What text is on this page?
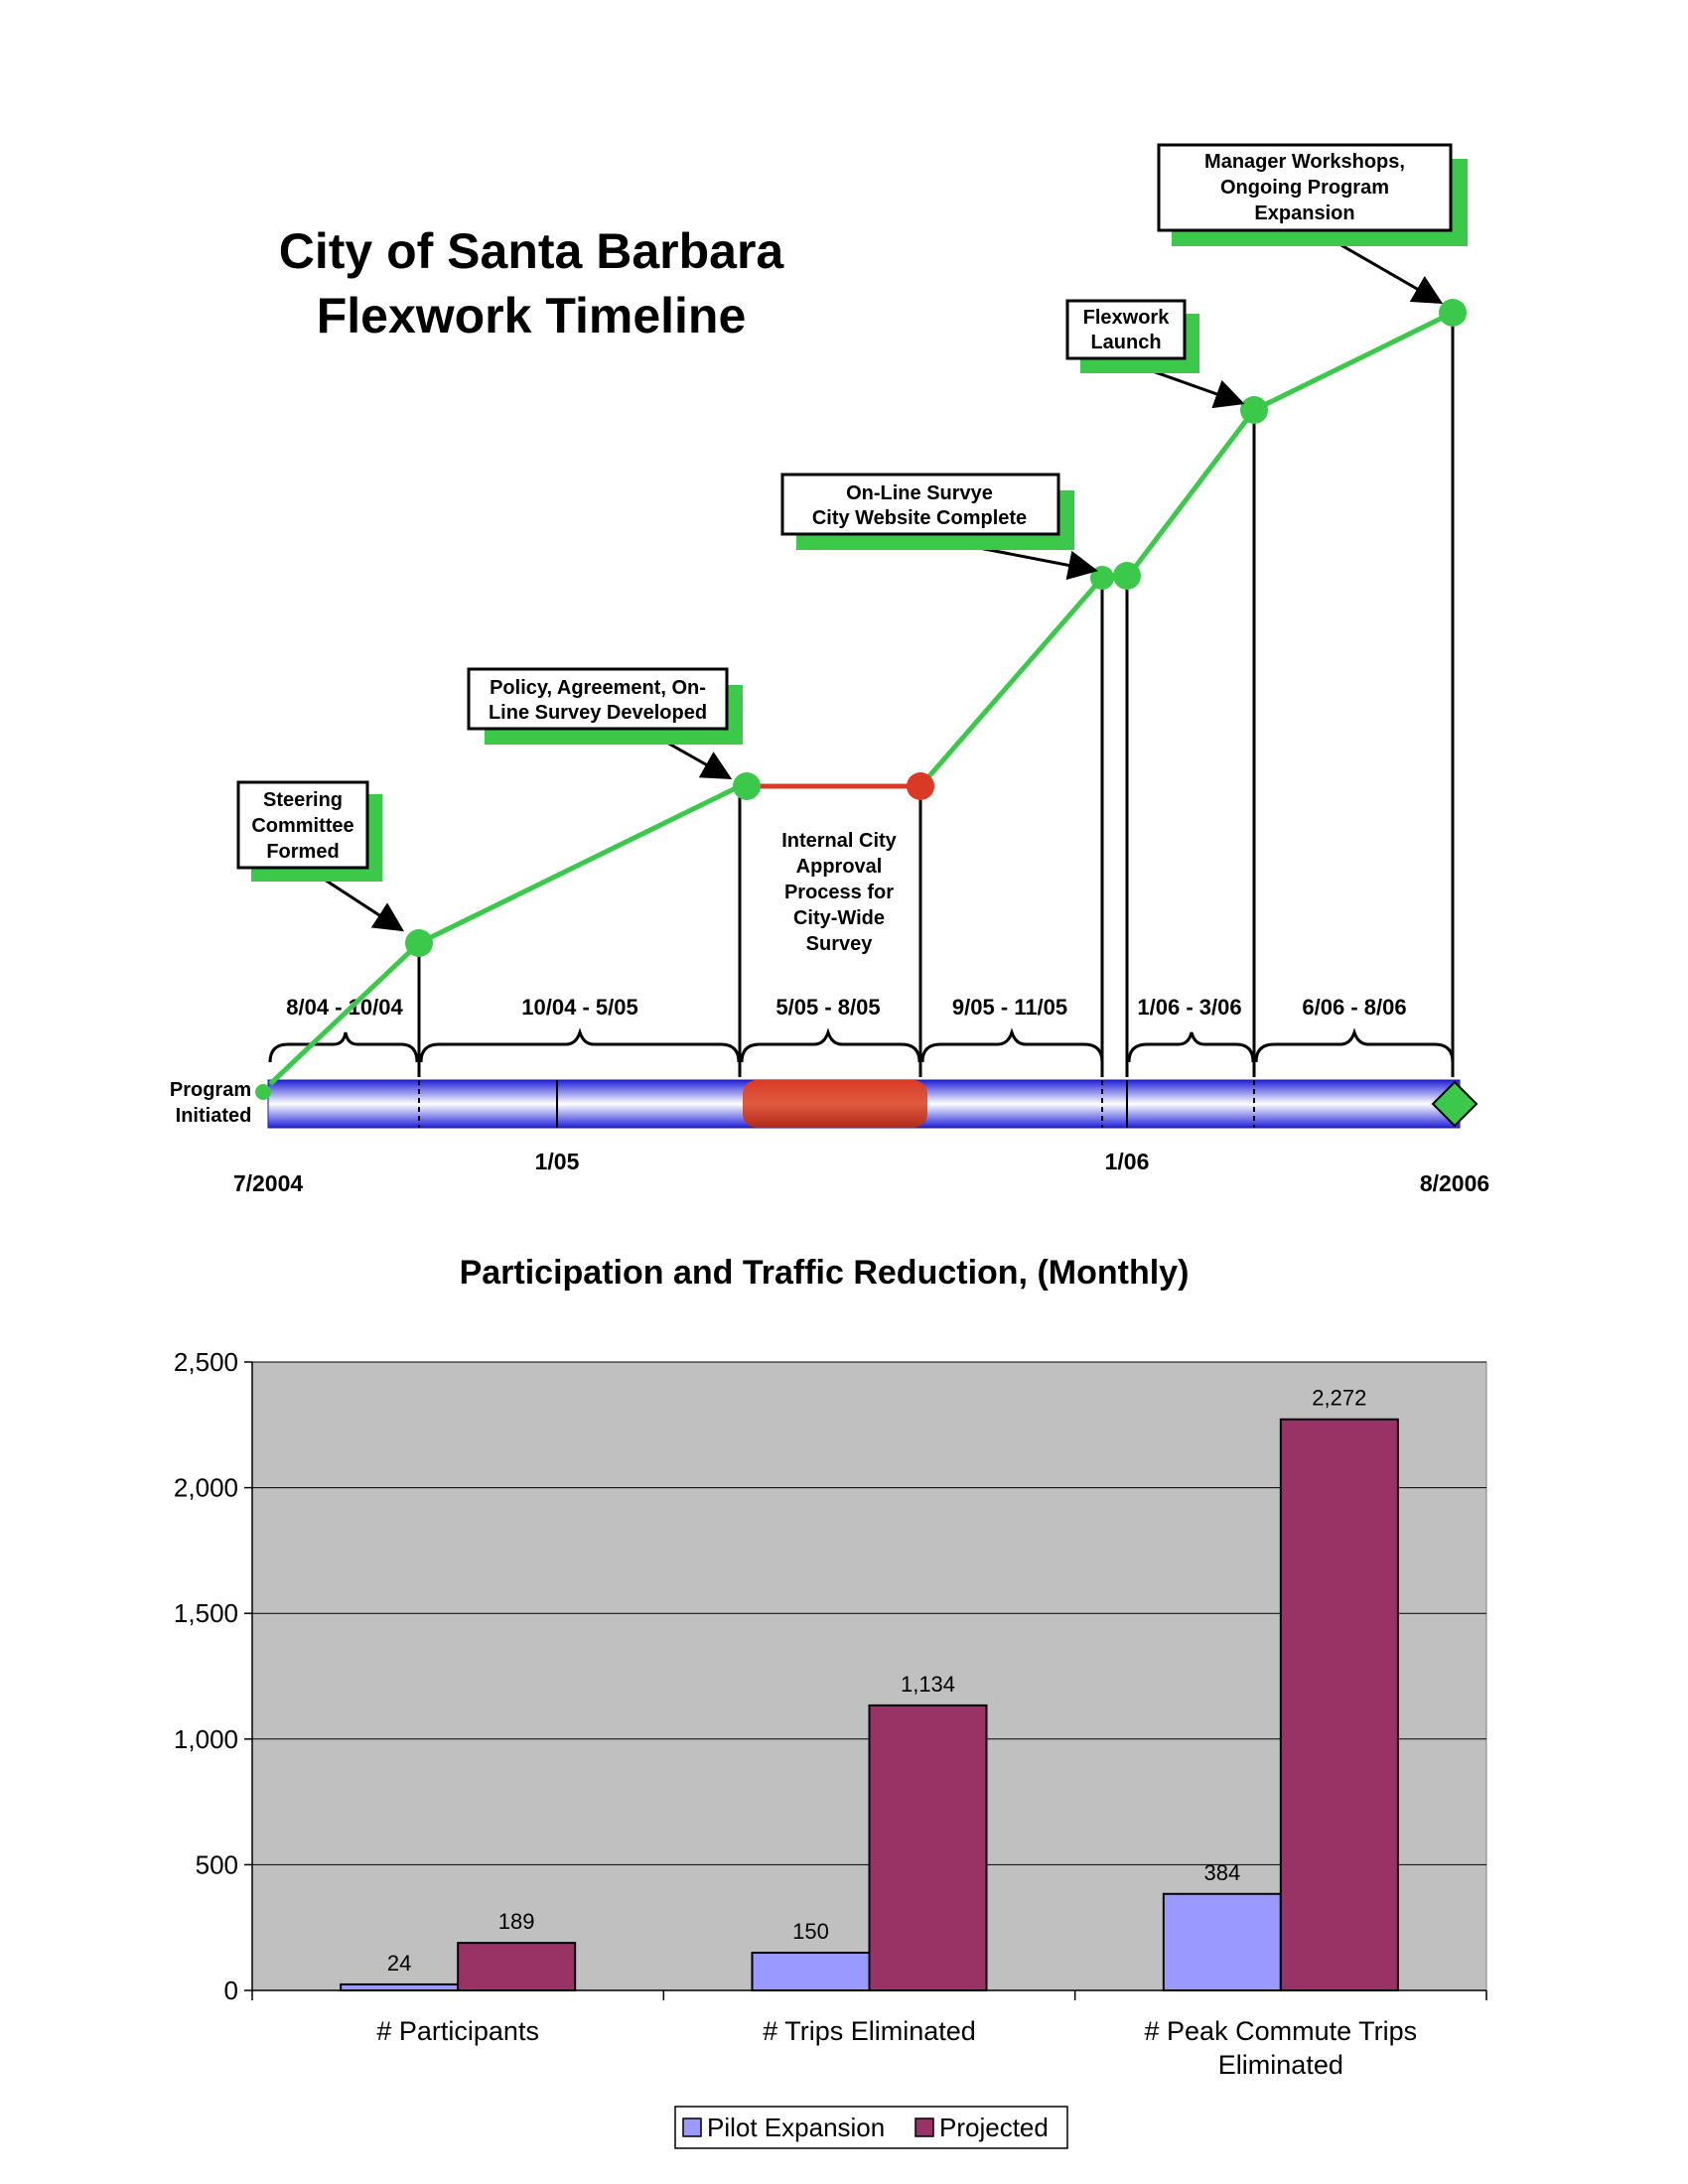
City of Santa Barbara
Flexwork Timeline
8/04 - 10/04	10/04 - 5/05	5/05 - 8/05	9/05 - 11/05	1/06 - 3/06	6/06 - 8/06
Steering
Committee
Formed
Policy, Agreement, On-
Line Survey Developed
On-Line Survye
City Website Complete
Flexwork
Launch
Manager Workshops,
Ongoing Program
Expansion
Internal City
Approval
Process for
City-Wide
Survey
Program
Initiated
7/2004
1/05	1/06
8/2006
Participation and Traffic Reduction, (Monthly)
0
500
1,000
1,500
2,000
2,500
24
189	150
1,134
384
2,272
# Participants	# Trips Eliminated	# Peak Commute Trips
Eliminated
Pilot Expansion Projected
